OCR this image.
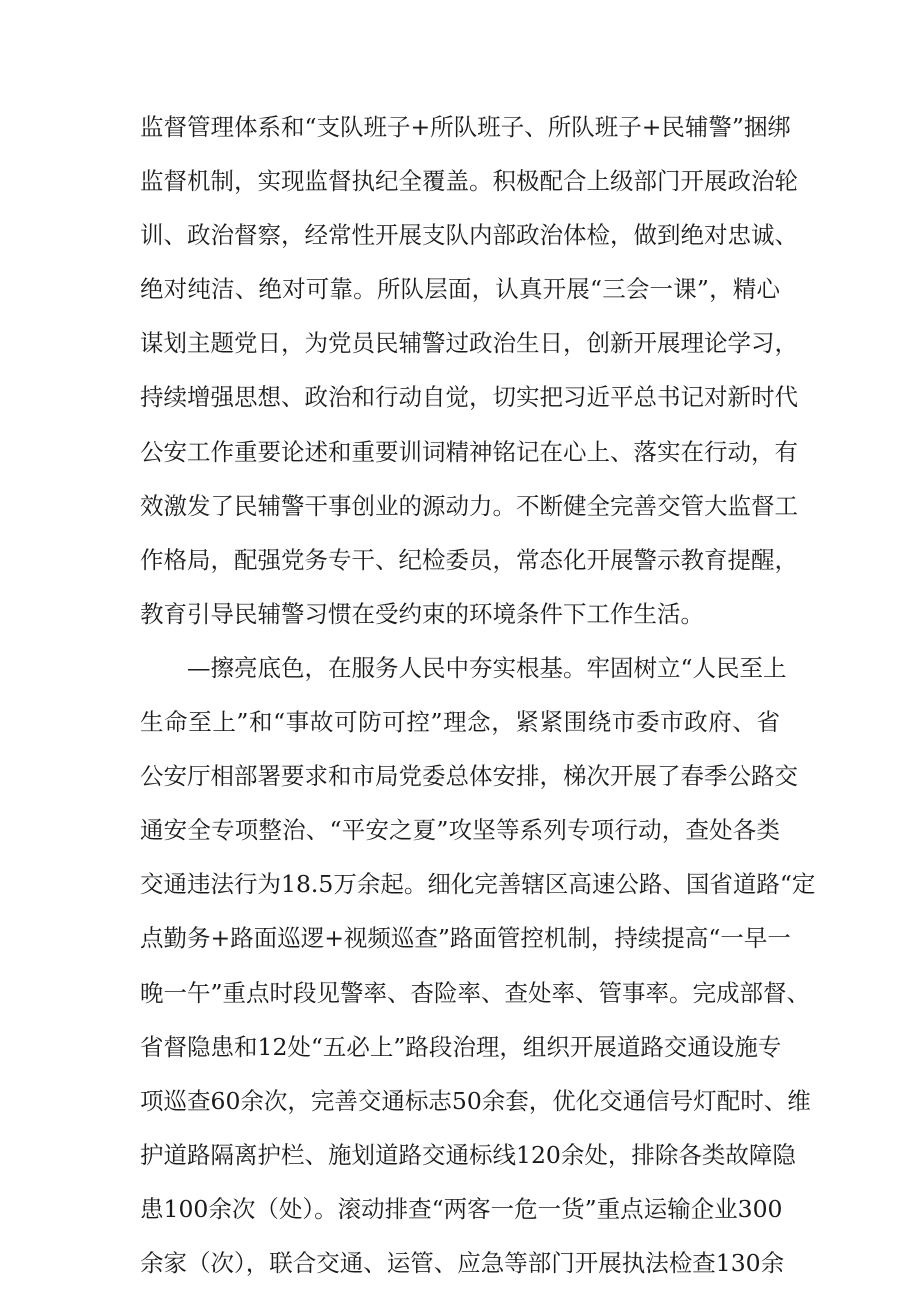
监督管理体系和“支队班子+所队班子、所队班子+民辅警”捆绑
监督机制，实现监督执纪全覆盖。积极配合上级部门开展政治轮
训、政治督察，经常性开展支队内部政治体检，做到绝对忠诚、
绝对纯洁、绝对可靠。所队层面，认真开展“三会一课”，精心
谋划主题党日，为党员民辅警过政治生日，创新开展理论学习，
持续增强思想、政治和行动自觉，切实把习近平总书记对新时代
公安工作重要论述和重要训词精神铭记在心上、落实在行动，有
效激发了民辅警干事创业的源动力。不断健全完善交管大监督工
作格局，配强党务专干、纪检委员，常态化开展警示教育提醒，
教育引导民辅警习惯在受约束的环境条件下工作生活。
—擦亮底色，在服务人民中夯实根基。牢固树立“人民至上
生命至上”和“事故可防可控”理念，紧紧围绕市委市政府、省
公安厅相部署要求和市局党委总体安排，梯次开展了春季公路交
通安全专项整治、“平安之夏”攻坚等系列专项行动，查处各类
交通违法行为18.5万余起。细化完善辖区高速公路、国省道路“定
点勤务+路面巡逻+视频巡查”路面管控机制，持续提高“一早一
晚一午”重点时段见警率、杳险率、查处率、管事率。完成部督、
省督隐患和12处“五必上”路段治理，组织开展道路交通设施专
项巡查60余次，完善交通标志50余套，优化交通信号灯配时、维
护道路隔离护栏、施划道路交通标线120余处，排除各类故障隐
患100余次（处）。滚动排查“两客一危一货”重点运输企业300
余家（次），联合交通、运管、应急等部门开展执法检查130余
